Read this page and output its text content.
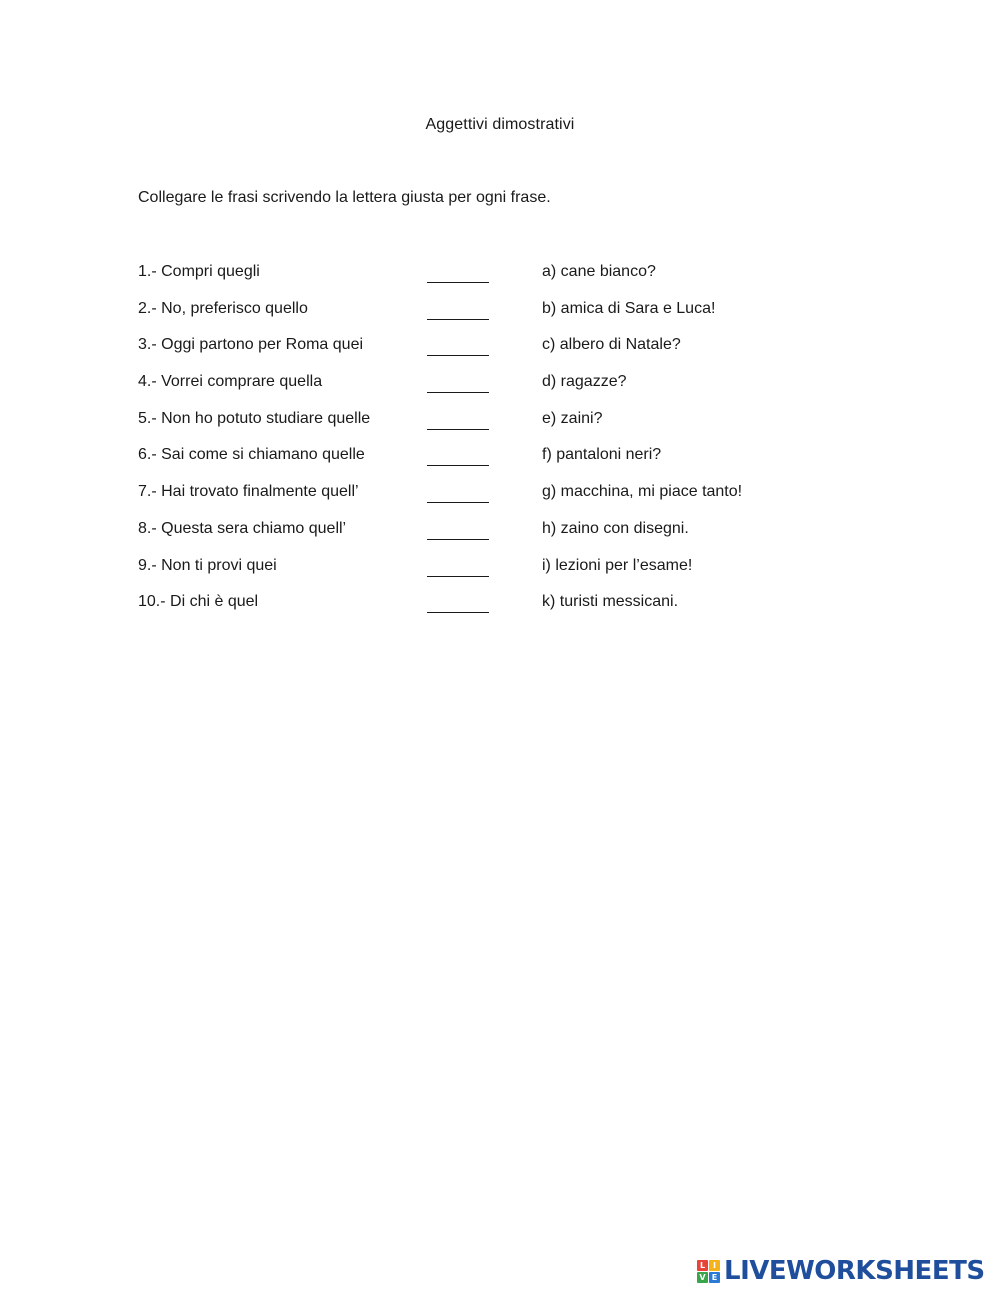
Aggettivi dimostrativi
Collegare le frasi scrivendo la lettera giusta per ogni frase.
1.- Compri quegli	a) cane bianco?
2.- No, preferisco quello	b) amica di Sara e Luca!
3.- Oggi partono per Roma quei	c) albero di Natale?
4.- Vorrei comprare quella	d) ragazze?
5.- Non ho potuto studiare quelle	e) zaini?
6.- Sai come si chiamano quelle	f) pantaloni neri?
7.- Hai trovato finalmente quell’	g) macchina, mi piace tanto!
8.- Questa sera chiamo quell’	h) zaino con disegni.
9.- Non ti provi quei	i) lezioni per l’esame!
10.- Di chi è quel	k) turisti messicani.
L I
V E LIVEWORKSHEETS
